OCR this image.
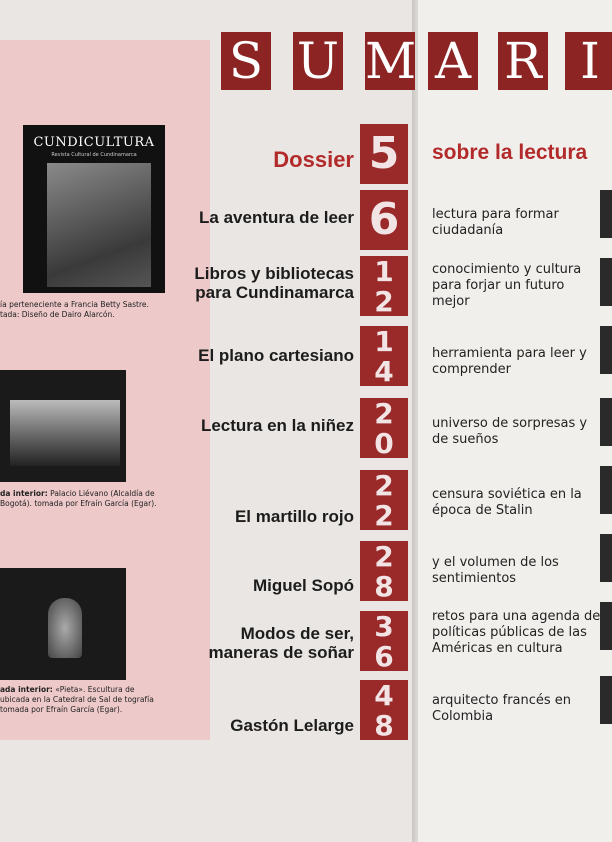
S U M A R I
CUNDICULTURA
Revista Cultural de Cundinamarca
ía perteneciente a Francia Betty Sastre. tada: Diseño de Dairo Alarcón.
da interior: Palacio Liévano (Alcaldía de Bogotá). tomada por Efraín García (Egar).
ada interior: «Pieta». Escultura de ubicada en la Catedral de Sal de tografía tomada por Efraín García (Egar).
Dossier 5	sobre la lectura
La aventura de leer 6	lectura para formar ciudadanía
Libros y bibliotecas para Cundinamarca
1
2
conocimiento y cultura para forjar un futuro mejor
El plano cartesiano 1
4
herramienta para leer y comprender
Lectura en la niñez 2
0
universo de sorpresas y de sueños
El martillo rojo
2
2
censura soviética en la época de Stalin
Miguel Sopó
2
8
y el volumen de los sentimientos
Modos de ser, maneras de soñar
3
6
retos para una agenda de políticas públicas de las Américas en cultura
Gastón Lelarge
4
8
arquitecto francés en Colombia
